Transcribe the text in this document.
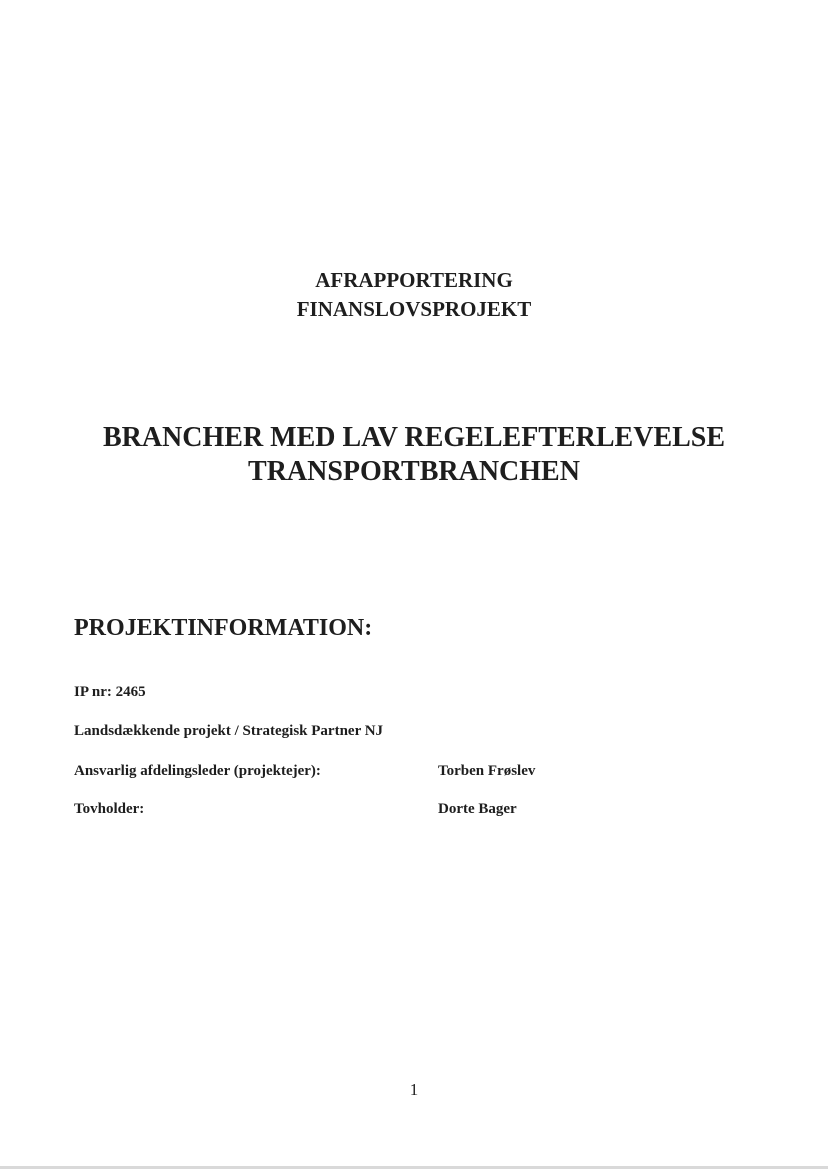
AFRAPPORTERING
FINANSLOVSPROJEKT
BRANCHER MED LAV REGELEFTERLEVELSE
TRANSPORTBRANCHEN
PROJEKTINFORMATION:
IP nr: 2465
Landsdækkende projekt / Strategisk Partner NJ
Ansvarlig afdelingsleder (projektejer):	Torben Frøslev
Tovholder:	Dorte Bager
1
